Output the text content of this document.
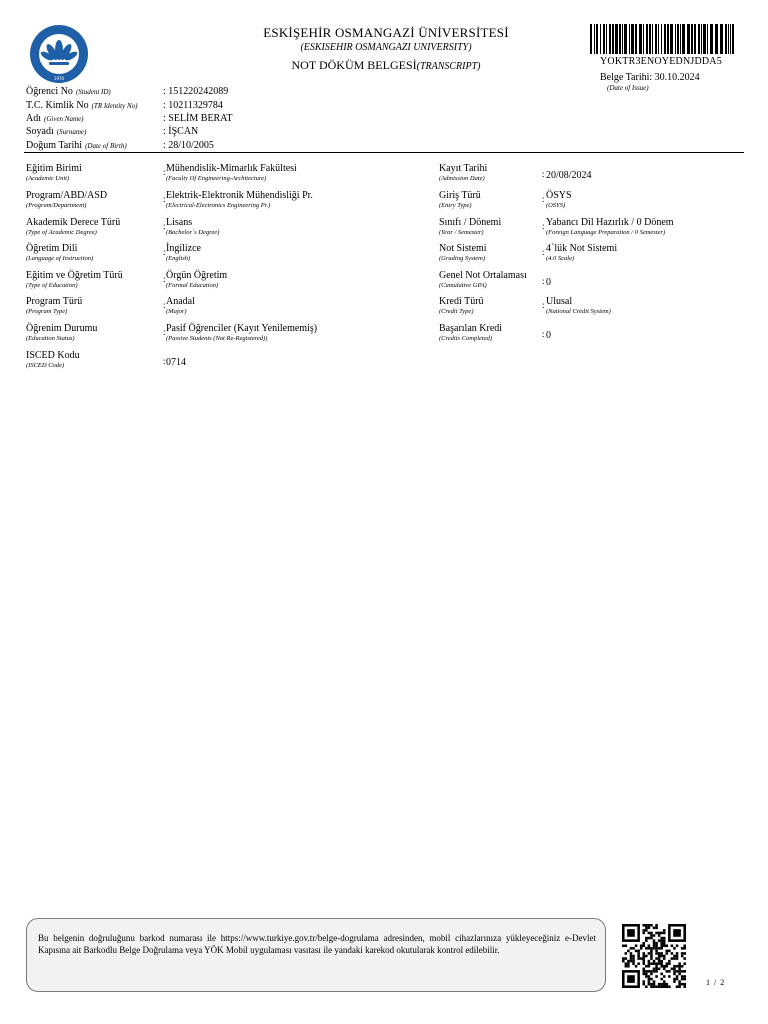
1970
ESKİŞEHİR OSMANGAZİ ÜNİVERSİTESİ
(ESKISEHIR OSMANGAZI UNIVERSITY)
NOT DÖKÜM BELGESİ(TRANSCRIPT)	YOKTR3ENOYEDNJDDA5
Belge Tarihi: 30.10.2024
(Date of Issue)
Öğrenci No (Student ID)	: 151220242089
T.C. Kimlik No (TR Identity No)	: 10211329784
Adı (Given Name)	: SELİM BERAT
Soyadı (Surname)	: İŞCAN
Doğum Tarihi (Date of Birth)	: 28/10/2005
Eğitim Birimi
(Academic Unit)
: Mühendislik-Mimarlık Fakültesi
(Faculty Of Engineering-Architecture)
Program/ABD/ASD
(Program/Department)
: Elektrik-Elektronik Mühendisliği Pr.
(Electrical-Electronics Engineering Pr.)
Akademik Derece Türü
(Type of Academic Degree)
: Lisans
(Bachelor`s Degree)
Öğretim Dili
(Language of Instruction)
: İngilizce
(English)
Eğitim ve Öğretim Türü
(Type of Education)
: Örgün Öğretim
(Formal Education)
Program Türü
(Program Type)
: Anadal
(Major)
Öğrenim Durumu
(Education Status)
: Pasif Öğrenciler (Kayıt Yenilememiş)
(Passive Students (Not Re-Registered))
ISCED Kodu
(ISCED Code)	: 0714
Kayıt Tarihi
(Admission Date)	: 20/08/2024
Giriş Türü
(Entry Type)
: ÖSYS
(OSYS)
Sınıfı / Dönemi
(Year / Semester)
: Yabancı Dil Hazırlık / 0 Dönem
(Foreign Language Preparation / 0 Semester)
Not Sistemi
(Grading System)
: 4`lük Not Sistemi
(4.0 Scale)
Genel Not Ortalaması
(Cumulative GPA)	: 0
Kredi Türü
(Credit Type)
: Ulusal
(National Credit System)
Başarılan Kredi
(Credits Completed)	: 0
Bu belgenin doğruluğunu barkod numarası ile https://www.turkiye.gov.tr/belge-dogrulama adresinden, mobil cihazlarınıza yükleyeceğiniz e-Devlet Kapısına ait Barkodlu Belge Doğrulama veya YÖK Mobil uygulaması vasıtası ile yandaki karekod okutularak kontrol edilebilir.
1 / 2
